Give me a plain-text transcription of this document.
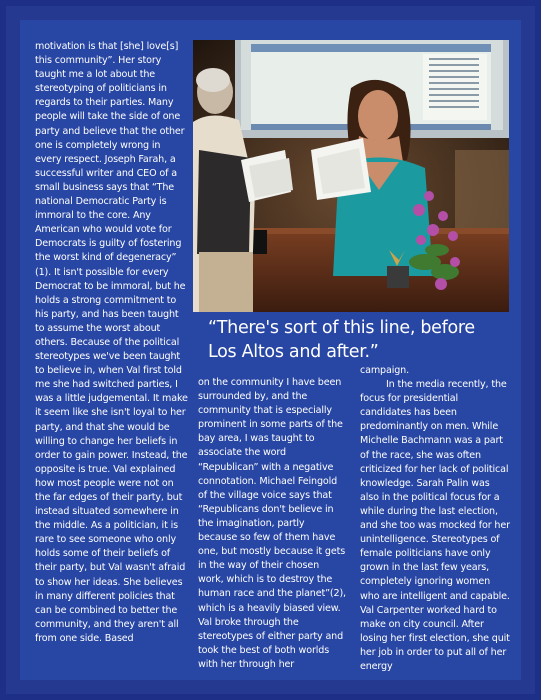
motivation is that [she] love[s] this community”. Her story taught me a lot about the stereotyping of politicians in regards to their parties. Many people will take the side of one party and believe that the other one is completely wrong in every respect. Joseph Farah, a successful writer and CEO of a small business says that “The national Democratic Party is immoral to the core. Any American who would vote for Democrats is guilty of fostering the worst kind of degeneracy” (1). It isn't possible for every Democrat to be immoral, but he holds a strong commitment to his party, and has been taught to assume the worst about others. Because of the political stereotypes we've been taught to believe in, when Val first told me she had switched parties, I was a little judgemental. It make it seem like she isn't loyal to her party, and that she would be willing to change her beliefs in order to gain power. Instead, the opposite is true. Val explained how most people were not on the far edges of their party, but instead situated somewhere in the middle. As a politician, it is rare to see someone who only holds some of their beliefs of their party, but Val wasn't afraid to show her ideas. She believes in many different policies that can be combined to better the community, and they aren't all from one side. Based

“There's sort of this line, before Los Altos and after.”

on the community I have been surrounded by, and the community that is especially prominent in some parts of the bay area, I was taught to associate the word “Republican” with a negative connotation. Michael Feingold of the village voice says that “Republicans don't believe in the imagination, partly because so few of them have one, but mostly because it gets in the way of their chosen work, which is to destroy the human race and the planet”(2), which is a heavily biased view. Val broke through the stereotypes of either party and took the best of both worlds with her through her

campaign.

In the media recently, the focus for presidential candidates has been predominantly on men. While Michelle Bachmann was a part of the race, she was often criticized for her lack of political knowledge. Sarah Palin was also in the political focus for a while during the last election, and she too was mocked for her unintelligence. Stereotypes of female politicians have only grown in the last few years, completely ignoring women who are intelligent and capable. Val Carpenter worked hard to make on city council. After losing her first election, she quit her job in order to put all of her energy
